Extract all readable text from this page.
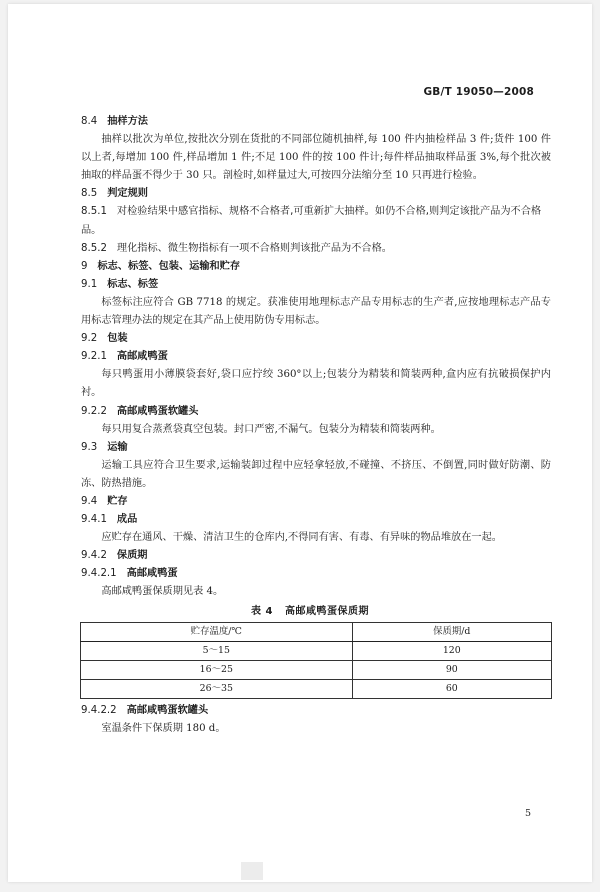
GB/T 19050—2008

8.4 抽样方法

抽样以批次为单位,按批次分别在货批的不同部位随机抽样,每 100 件内抽检样品 3 件;货件 100 件以上者,每增加 100 件,样品增加 1 件;不足 100 件的按 100 件计;每件样品抽取样品蛋 3%,每个批次被抽取的样品蛋不得少于 30 只。剖检时,如样量过大,可按四分法缩分至 10 只再进行检验。

8.5 判定规则

8.5.1 对检验结果中感官指标、规格不合格者,可重新扩大抽样。如仍不合格,则判定该批产品为不合格品。

8.5.2 理化指标、微生物指标有一项不合格则判该批产品为不合格。

9 标志、标签、包装、运输和贮存

9.1 标志、标签

标签标注应符合 GB 7718 的规定。获准使用地理标志产品专用标志的生产者,应按地理标志产品专用标志管理办法的规定在其产品上使用防伪专用标志。

9.2 包装

9.2.1 高邮咸鸭蛋

每只鸭蛋用小薄膜袋套好,袋口应拧绞 360°以上;包装分为精装和简装两种,盒内应有抗破损保护内衬。

9.2.2 高邮咸鸭蛋软罐头

每只用复合蒸煮袋真空包装。封口严密,不漏气。包装分为精装和简装两种。

9.3 运输

运输工具应符合卫生要求,运输装卸过程中应轻拿轻放,不碰撞、不挤压、不倒置,同时做好防潮、防冻、防热措施。

9.4 贮存

9.4.1 成品

应贮存在通风、干燥、清洁卫生的仓库内,不得同有害、有毒、有异味的物品堆放在一起。

9.4.2 保质期

9.4.2.1 高邮咸鸭蛋

高邮咸鸭蛋保质期见表 4。

表 4 高邮咸鸭蛋保质期
贮存温度/℃	保质期/d
5～15	120
16～25	90
26～35	60

9.4.2.2 高邮咸鸭蛋软罐头

室温条件下保质期 180 d。

5
